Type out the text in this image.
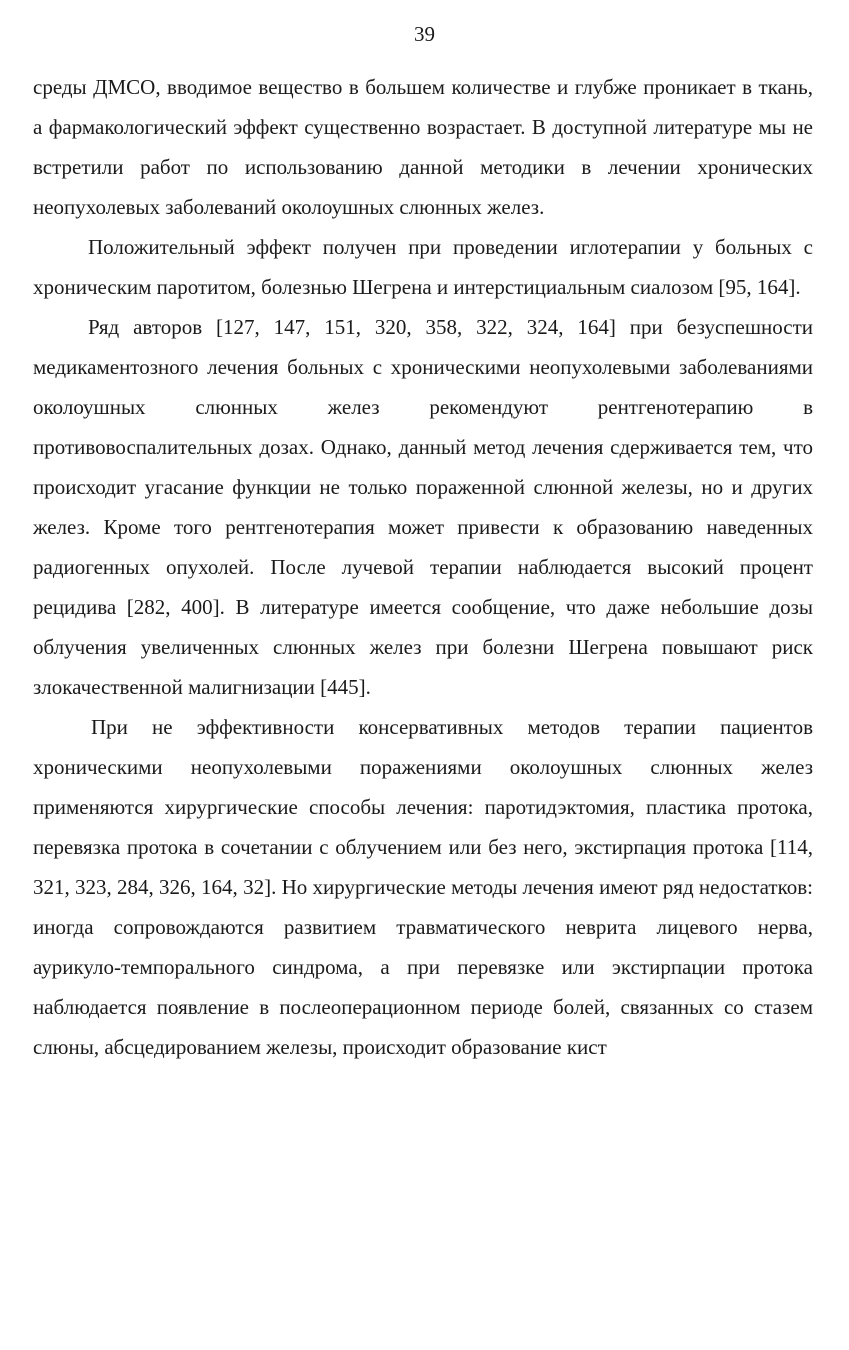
39

среды ДМСО, вводимое вещество в большем количестве и глубже проникает в ткань, а фармакологический эффект существенно возрастает. В доступной литературе мы не встретили работ по использованию данной методики в лечении хронических неопухолевых заболеваний околоушных слюнных желез.

Положительный эффект получен при проведении иглотерапии у больных с хроническим паротитом, болезнью Шегрена и интерстициальным сиалозом [95, 164].

Ряд авторов [127, 147, 151, 320, 358, 322, 324, 164] при безуспешности медикаментозного лечения больных с хроническими неопухолевыми заболеваниями околоушных слюнных желез рекомендуют рентгенотерапию в противовоспалительных дозах. Однако, данный метод лечения сдерживается тем, что происходит угасание функции не только пораженной слюнной железы, но и других желез. Кроме того рентгенотерапия может привести к образованию наведенных радиогенных опухолей. После лучевой терапии наблюдается высокий процент рецидива [282, 400]. В литературе имеется сообщение, что даже небольшие дозы облучения увеличенных слюнных желез при болезни Шегрена повышают риск злокачественной малигнизации [445].

При не эффективности консервативных методов терапии пациентов хроническими неопухолевыми поражениями околоушных слюнных желез применяются хирургические способы лечения: паротидэктомия, пластика протока, перевязка протока в сочетании с облучением или без него, экстирпация протока [114, 321, 323, 284, 326, 164, 32]. Но хирургические методы лечения имеют ряд недостатков: иногда сопровождаются развитием травматического неврита лицевого нерва, аурикуло-темпорального синдрома, а при перевязке или экстирпации протока наблюдается появление в послеоперационном периоде болей, связанных со стазем слюны, абсцедированием железы, происходит образование кист
